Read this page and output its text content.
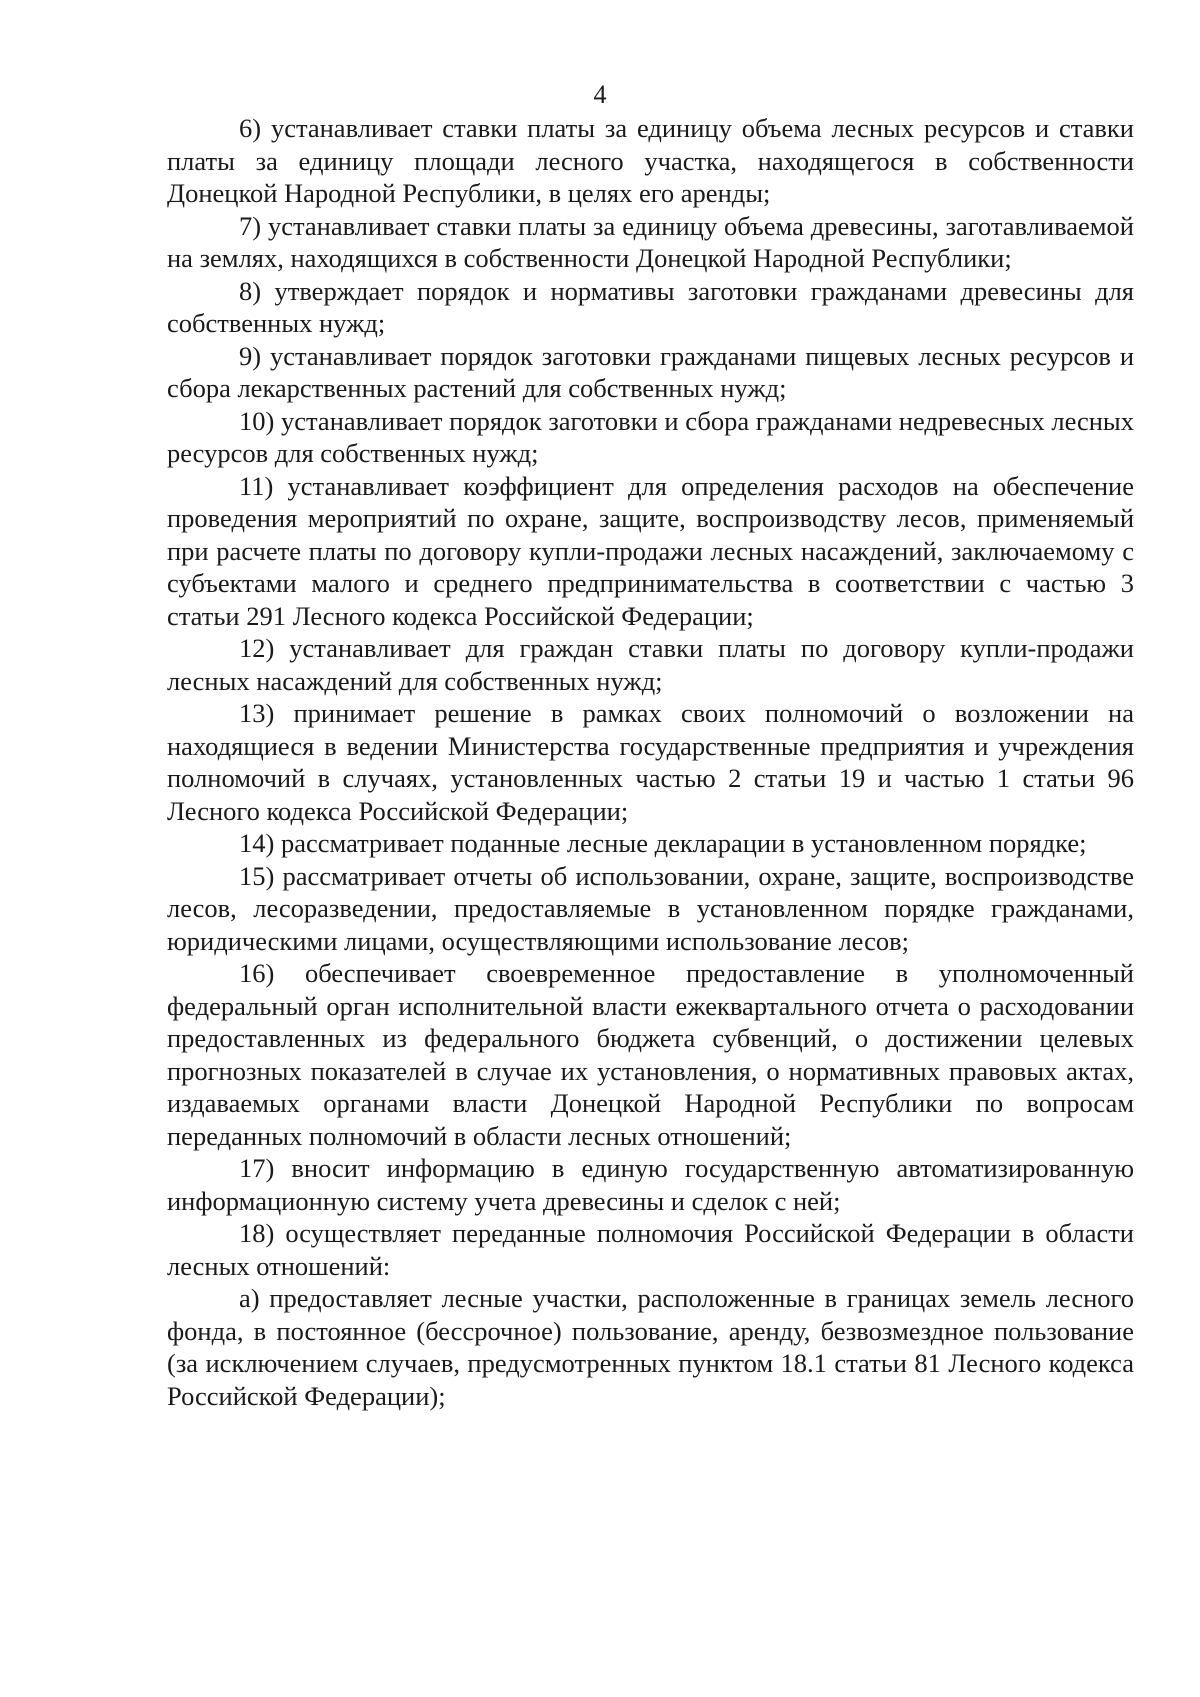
4

6) устанавливает ставки платы за единицу объема лесных ресурсов и ставки платы за единицу площади лесного участка, находящегося в собственности Донецкой Народной Республики, в целях его аренды;

7) устанавливает ставки платы за единицу объема древесины, заготавливаемой на землях, находящихся в собственности Донецкой Народной Республики;

8) утверждает порядок и нормативы заготовки гражданами древесины для собственных нужд;

9) устанавливает порядок заготовки гражданами пищевых лесных ресурсов и сбора лекарственных растений для собственных нужд;

10) устанавливает порядок заготовки и сбора гражданами недревесных лесных ресурсов для собственных нужд;

11) устанавливает коэффициент для определения расходов на обеспечение проведения мероприятий по охране, защите, воспроизводству лесов, применяемый при расчете платы по договору купли-продажи лесных насаждений, заключаемому с субъектами малого и среднего предпринимательства в соответствии с частью 3 статьи 291 Лесного кодекса Российской Федерации;

12) устанавливает для граждан ставки платы по договору купли-продажи лесных насаждений для собственных нужд;

13) принимает решение в рамках своих полномочий о возложении на находящиеся в ведении Министерства государственные предприятия и учреждения полномочий в случаях, установленных частью 2 статьи 19 и частью 1 статьи 96 Лесного кодекса Российской Федерации;

14) рассматривает поданные лесные декларации в установленном порядке;

15) рассматривает отчеты об использовании, охране, защите, воспроизводстве лесов, лесоразведении, предоставляемые в установленном порядке гражданами, юридическими лицами, осуществляющими использование лесов;

16) обеспечивает своевременное предоставление в уполномоченный федеральный орган исполнительной власти ежеквартального отчета о расходовании предоставленных из федерального бюджета субвенций, о достижении целевых прогнозных показателей в случае их установления, о нормативных правовых актах, издаваемых органами власти Донецкой Народной Республики по вопросам переданных полномочий в области лесных отношений;

17) вносит информацию в единую государственную автоматизированную информационную систему учета древесины и сделок с ней;

18) осуществляет переданные полномочия Российской Федерации в области лесных отношений:

а) предоставляет лесные участки, расположенные в границах земель лесного фонда, в постоянное (бессрочное) пользование, аренду, безвозмездное пользование (за исключением случаев, предусмотренных пунктом 18.1 статьи 81 Лесного кодекса Российской Федерации);
